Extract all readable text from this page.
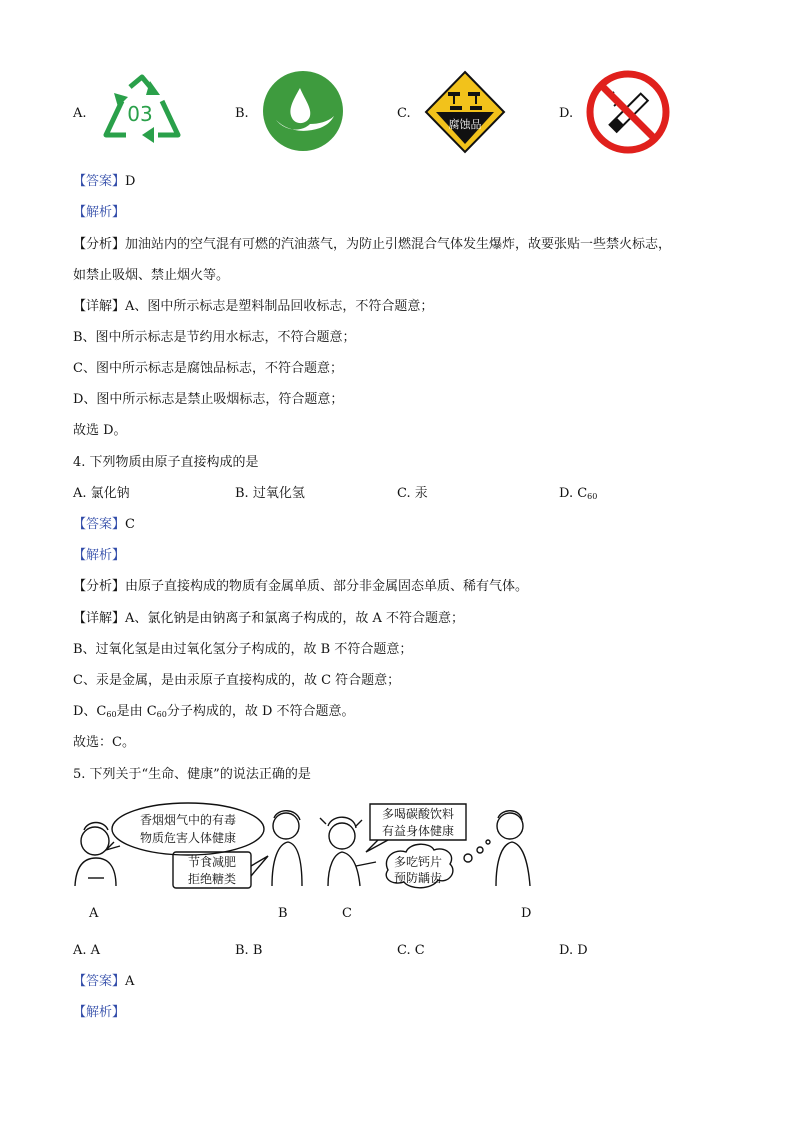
A. 03	B.	C.
腐蚀品
D.
【答案】D
【解析】
【分析】加油站内的空气混有可燃的汽油蒸气，为防止引燃混合气体发生爆炸，故要张贴一些禁火标志，
如禁止吸烟、禁止烟火等。
【详解】A、图中所示标志是塑料制品回收标志，不符合题意；
B、图中所示标志是节约用水标志，不符合题意；
C、图中所示标志是腐蚀品标志，不符合题意；
D、图中所示标志是禁止吸烟标志，符合题意；
故选 D。
4. 下列物质由原子直接构成的是
A. 氯化钠	B. 过氧化氢	C. 汞	D. $C_{60}$
【答案】C
【解析】
【分析】由原子直接构成的物质有金属单质、部分非金属固态单质、稀有气体。
【详解】A、氯化钠是由钠离子和氯离子构成的，故 A 不符合题意；
B、过氧化氢是由过氧化氢分子构成的，故 B 不符合题意；
C、汞是金属，是由汞原子直接构成的，故 C 符合题意；
D、$C_{60}$是由 $C_{60}$分子构成的，故 D 不符合题意。
故选：C。
5. 下列关于“生命、健康”的说法正确的是
香烟烟气中的有毒
物质危害人体健康
节食减肥
拒绝糖类
多喝碳酸饮料
有益身体健康
多吃钙片
预防龋齿
A	B	C	D
A. A	B. B	C. C	D. D
【答案】A
【解析】
